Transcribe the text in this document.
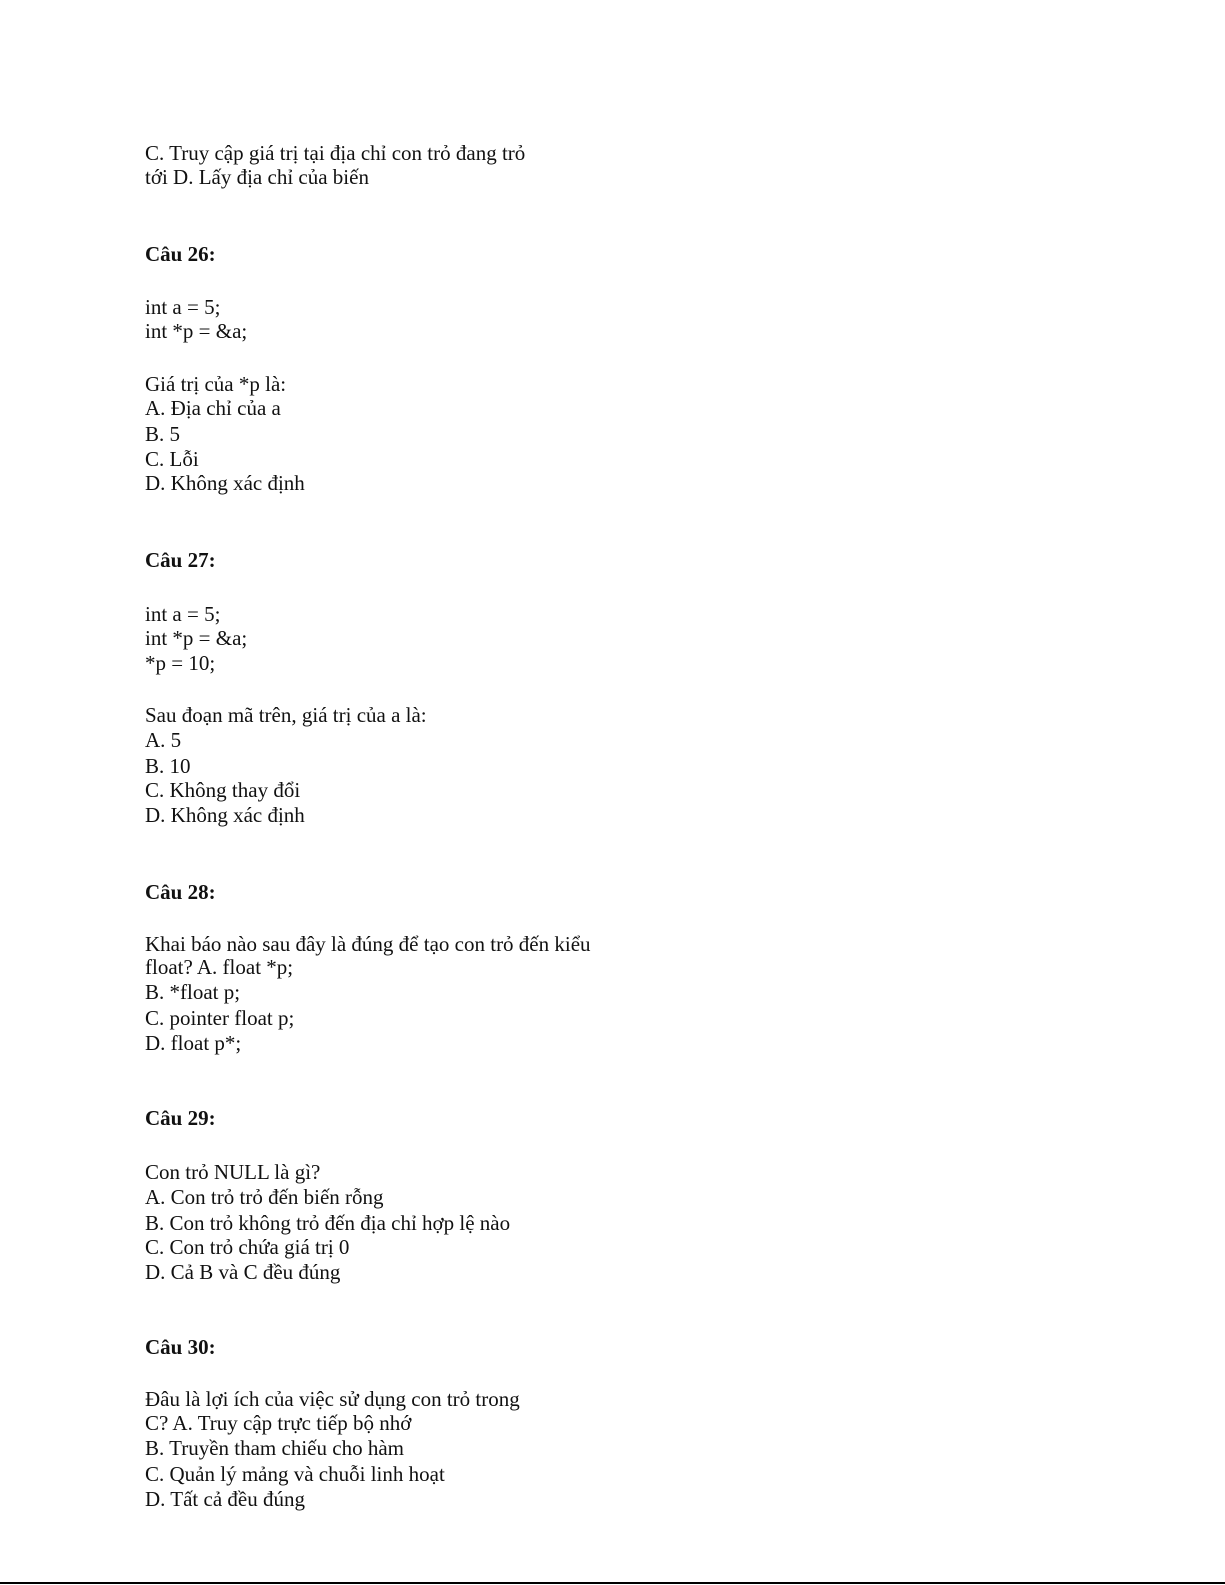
C. Truy cập giá trị tại địa chỉ con trỏ đang trỏ
tới D. Lấy địa chỉ của biến
Câu 26:
int a = 5;
int *p = &a;
Giá trị của *p là:
A. Địa chỉ của a
B. 5
C. Lỗi
D. Không xác định
Câu 27:
int a = 5;
int *p = &a;
*p = 10;
Sau đoạn mã trên, giá trị của a là:
A. 5
B. 10
C. Không thay đổi
D. Không xác định
Câu 28:
Khai báo nào sau đây là đúng để tạo con trỏ đến kiểu
float? A. float *p;
B. *float p;
C. pointer float p;
D. float p*;
Câu 29:
Con trỏ NULL là gì?
A. Con trỏ trỏ đến biến rỗng
B. Con trỏ không trỏ đến địa chỉ hợp lệ nào
C. Con trỏ chứa giá trị 0
D. Cả B và C đều đúng
Câu 30:
Đâu là lợi ích của việc sử dụng con trỏ trong
C? A. Truy cập trực tiếp bộ nhớ
B. Truyền tham chiếu cho hàm
C. Quản lý mảng và chuỗi linh hoạt
D. Tất cả đều đúng
